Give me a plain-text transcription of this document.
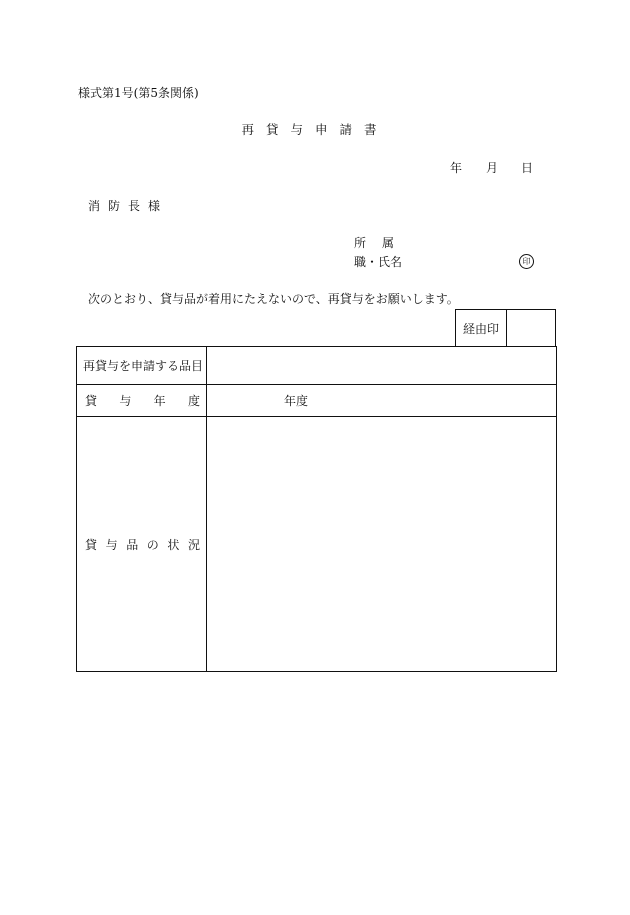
様式第1号(第5条関係)
再貸与申請書
年 月 日
消防長様
所属
職・氏名	印
次のとおり、貸与品が着用にたえないので、再貸与をお願いします。
経由印
再貸与を申請する品目
貸 与 年 度	年度
貸 与 品 の 状 況
